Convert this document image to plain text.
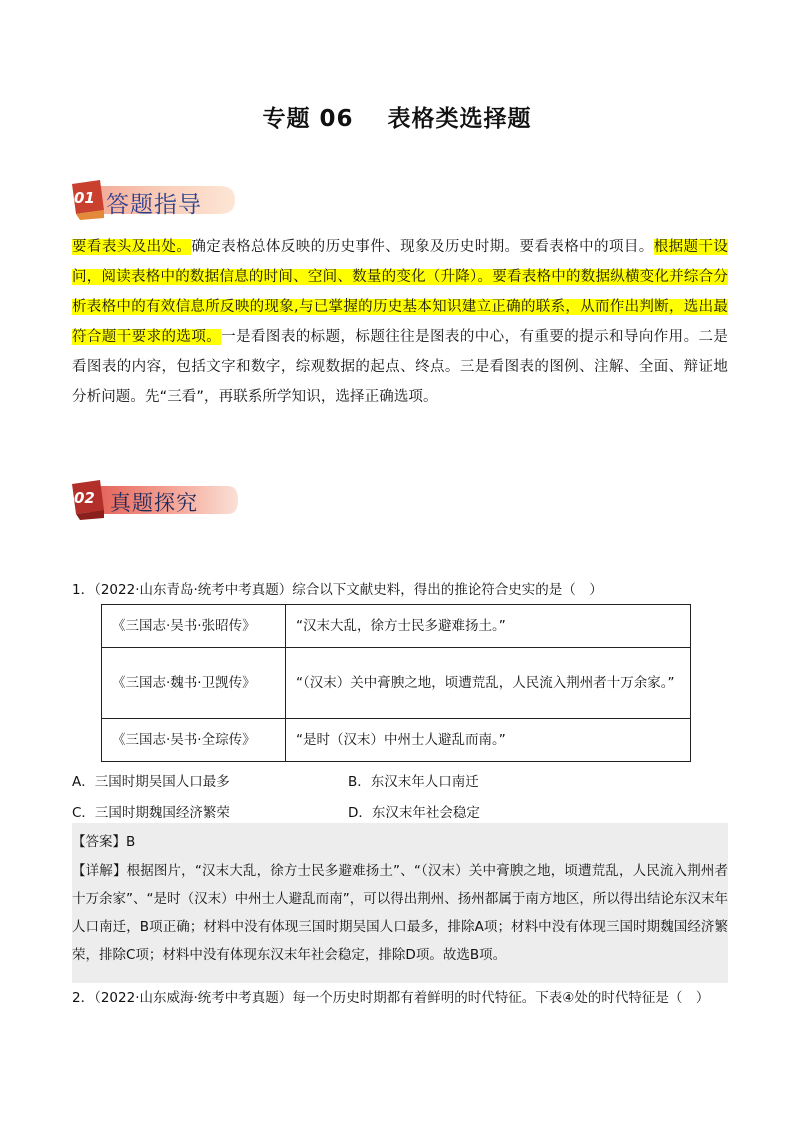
专题 06 表格类选择题
01 答题指导
要看表头及出处。确定表格总体反映的历史事件、现象及历史时期。要看表格中的项目。根据题干设问，阅读表格中的数据信息的时间、空间、数量的变化（升降）。要看表格中的数据纵横变化并综合分析表格中的有效信息所反映的现象,与已掌握的历史基本知识建立正确的联系，从而作出判断，选出最符合题干要求的选项。一是看图表的标题，标题往往是图表的中心，有重要的提示和导向作用。二是看图表的内容，包括文字和数字，综观数据的起点、终点。三是看图表的图例、注解、全面、辩证地分析问题。先“三看”，再联系所学知识，选择正确选项。
02 真题探究
1．（2022·山东青岛·统考中考真题）综合以下文献史料，得出的推论符合史实的是（　）
《三国志·吴书·张昭传》	“汉末大乱，徐方士民多避难扬土。”
《三国志·魏书·卫觊传》	“（汉末）关中膏腴之地，顷遭荒乱，人民流入荆州者十万余家。”
《三国志·吴书·全琮传》	“是时（汉末）中州士人避乱而南。”
A．三国时期吴国人口最多	B．东汉末年人口南迁
C．三国时期魏国经济繁荣	D．东汉末年社会稳定
【答案】B
【详解】根据图片，“汉末大乱，徐方士民多避难扬土”、“（汉末）关中膏腴之地，顷遭荒乱，人民流入荆州者十万余家”、“是时（汉末）中州士人避乱而南”，可以得出荆州、扬州都属于南方地区，所以得出结论东汉末年人口南迁，B项正确；材料中没有体现三国时期吴国人口最多，排除A项；材料中没有体现三国时期魏国经济繁荣，排除C项；材料中没有体现东汉末年社会稳定，排除D项。故选B项。
2．（2022·山东威海·统考中考真题）每一个历史时期都有着鲜明的时代特征。下表④处的时代特征是（　）
